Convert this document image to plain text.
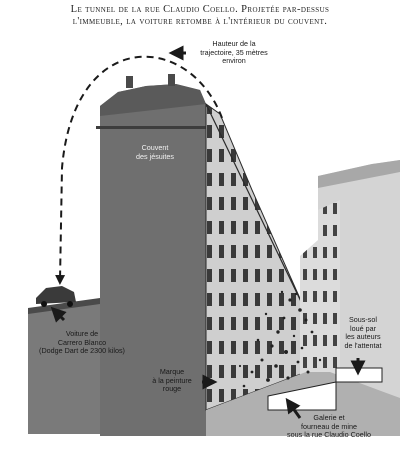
Le tunnel de la rue Claudio Coello. Projetée par-dessus
l'immeuble, la voiture retombe à l'intérieur du couvent.
Hauteur de la
trajectoire, 35 mètres
environ
Couvent
des jésuites
Voiture de
Carrero Blanco
(Dodge Dart de 2300 kilos)
Marque
à la peinture
rouge
Sous-sol
loué par
les auteurs
de l'attentat
Galerie et
fourneau de mine
sous la rue Claudio Coello
